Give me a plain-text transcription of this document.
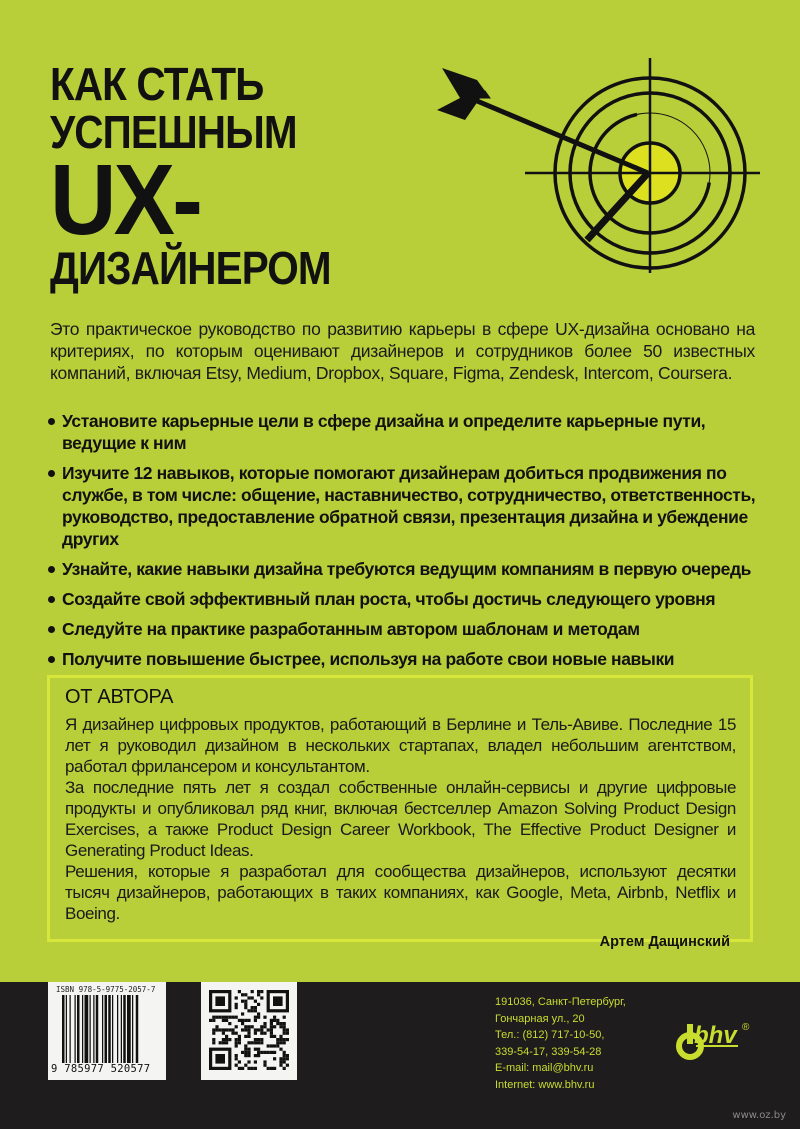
КАК СТАТЬ
УСПЕШНЫМ
UX-
ДИЗАЙНЕРОМ

Это практическое руководство по развитию карьеры в сфере UX-дизайна основано на критериях, по которым оценивают дизайнеров и сотрудников более 50 известных компаний, включая Etsy, Medium, Dropbox, Square, Figma, Zendesk, Intercom, Coursera.

Установите карьерные цели в сфере дизайна и определите карьерные пути, ведущие к ним
Изучите 12 навыков, которые помогают дизайнерам добиться продвижения по службе, в том числе: общение, наставничество, сотрудничество, ответственность, руководство, предоставление обратной связи, презентация дизайна и убеждение других
Узнайте, какие навыки дизайна требуются ведущим компаниям в первую очередь
Создайте свой эффективный план роста, чтобы достичь следующего уровня
Следуйте на практике разработанным автором шаблонам и методам
Получите повышение быстрее, используя на работе свои новые навыки
ОТ АВТОРА

Я дизайнер цифровых продуктов, работающий в Берлине и Тель-Авиве. Последние 15 лет я руководил дизайном в нескольких стартапах, владел небольшим агентством, работал фрилансером и консультантом.

За последние пять лет я создал собственные онлайн-сервисы и другие цифровые продукты и опубликовал ряд книг, включая бестселлер Amazon Solving Product Design Exercises, а также Product Design Career Workbook, The Effective Product Designer и Generating Product Ideas.

Решения, которые я разработал для сообщества дизайнеров, используют десятки тысяч дизайнеров, работающих в таких компаниях, как Google, Meta, Airbnb, Netflix и Boeing.

Артем Дащинский
ISBN 978-5-9775-2057-7
9 785977 520577
191036, Санкт-Петербург,
Гончарная ул., 20
Тел.: (812) 717-10-50,
339-54-17, 339-54-28
E-mail: mail@bhv.ru
Internet: www.bhv.ru
bhv ®
www.oz.by
